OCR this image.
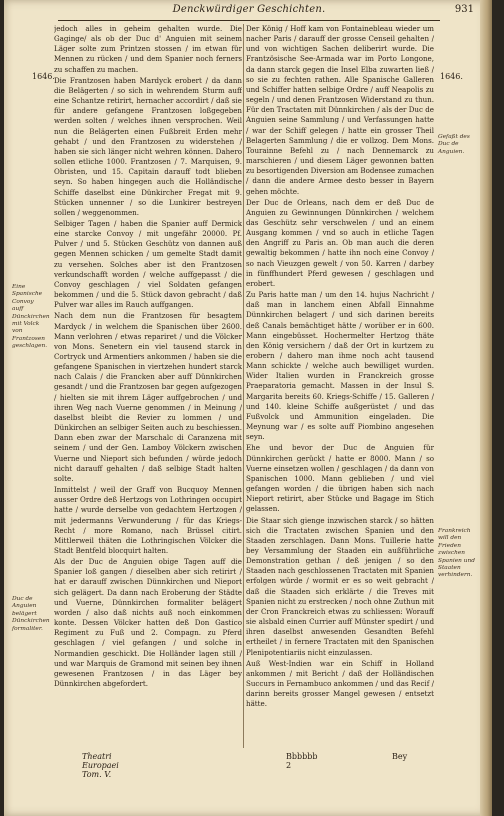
Denckwürdiger Geschichten.	931
1646.	1646.
Eine Spanische Convoy auff Dünckirchen mit Volck von Frantzosen geschlagen.
Duc de Anguien belägert Dünckirchen formaliter.
Gefaßt des Duc de Anguien.
Frankreich will den Frieden zwischen Spanien und Staaten verhindern.

jedoch alles in geheim gehalten wurde. Die Gaginge/ als ob der Duc d' Anguien mit seinem Läger solte zum Printzen stossen / im etwan für Mennen zu rücken / und dem Spanier noch ferners zu schaffen zu machen.

Die Frantzosen haben Mardyck erobert / da dann die Belägerten / so sich in wehrendem Sturm auff eine Schantze retirirt, hernacher accordirt / daß sie für andere gefangene Frantzosen loßgegeben werden solten / welches ihnen versprochen. Weil nun die Belägerten einen Fußbreit Erden mehr gehabt / und den Frantzosen zu widerstehen / haben sie sich länger nicht wehren können. Dahero sollen etliche 1000. Frantzosen / 7. Marquisen, 9. Obristen, und 15. Capitain darauff todt blieben seyn. So haben hingegen auch die Holländische Schiffe daselbst eine Dünkircher Fregat mit 9. Stücken unnenner / so die Lunkirer bestreyen sollen / weggenommen.

Selbiger Tagen / haben die Spanier auff Dermick eine starcke Convoy / mit ungefähr 20000. Pf. Pulver / und 5. Stücken Geschütz von dannen auß gegen Mennen schicken / um gemelte Stadt damit zu versehen. Solches aber ist den Frantzosen verkundschafft worden / welche auffgepasst / die Convoy geschlagen / viel Soldaten gefangen bekommen / und die 5. Stück davon gebracht / daß Pulver war alles im Rauch auffgangen.

Nach dem nun die Frantzosen für besagtem Mardyck / in welchem die Spanischen über 2600. Mann verlohren / etwas repariret / und die Völcker von Mons. Senetern ein viel tausend starck in Cortryck und Armentiers ankommen / haben sie die gefangene Spanischen in viertzehen hundert starck nach Calais / die Francken aber auff Dünnkirchen gesandt / und die Frantzosen bar gegen aufgezogen / hielten sie mit ihrem Läger auffgebrochen / und ihren Weg nach Vuerne genommen / in Meinung / daselbst bleibt die Revier zu lommen / und Dünkirchen an selbiger Seiten auch zu beschiessen. Dann eben zwar der Marschalc di Caranzena mit seinem / und der Gen. Lamboy Völckern zwischen Vuerne und Nieport sich befunden / würde jedoch nicht darauff gehalten / daß selbige Stadt halten solte.

Inmittelst / weil der Graff von Bucquoy Mennen ausser Ordre deß Hertzogs von Lothringen occupirt hatte / wurde derselbe von gedachtem Hertzogen / mit jedermanns Verwunderung / für das Kriegs-Recht / more Romano, nach Brüssel citirt. Mittlerweil thäten die Lothringischen Völcker die Stadt Bentfeld blocquirt halten.

Als der Duc de Anguien obige Tagen auff die Spanier loß gangen / dieselben aber sich retirirt / hat er darauff zwischen Dünnkirchen und Nieport sich gelägert. Da dann nach Eroberung der Städte und Vuerne, Dünnkirchen formaliter belägert worden / also daß nichts auß noch einkommen konte. Dessen Völcker hatten deß Don Gastico Regiment zu Fuß und 2. Compagn. zu Pferd geschlagen / viel gefangen / und solche in Normandien geschickt. Die Holländer lagen still / und war Marquis de Gramond mit seinen bey ihnen gewesenen Frantzosen / in das Läger bey Dünnkirchen abgefordert.

Der König / Hoff kam von Fontainebleau wieder um nacher Paris / darauff der grosse Censeil gehalten / und von wichtigen Sachen deliberirt wurde. Die Frantzösische See-Armada war im Porto Longone, da dann starck gegen die Insel Elba zuwarten ließ / so sie zu fechten rathen. Alle Spanische Galleren und Schiffer hatten selbige Ordre / auff Neapolis zu segeln / und denen Frantzosen Widerstand zu thun. Für den Tractaten mit Dünnkirchen / als der Duc de Anguien seine Sammlung / und Verfassungen hatte / war der Schiff gelegen / hatte ein grosser Theil Belagerten Sammlung / die er vollzog. Dem Mons. Tourainne Befehl zu / nach Dennemarck zu marschieren / und diesem Läger gewonnen batten zu besortigenden Diversion am Bodensee zumachen / dann die andere Armee desto besser in Bayern gehen möchte.

Der Duc de Orleans, nach dem er deß Duc de Anguien zu Gewinnungen Dünnkirchen / welchem das Geschütz sehr verschwelen / und an einem Ausgang kommen / vnd so auch in etliche Tagen den Angriff zu Paris an. Ob man auch die deren gewaltig bekommen / hatte ihn noch eine Convoy / so nach Vieuzgen gewelt / von 50. Karren / darbey in fünffhundert Pferd gewesen / geschlagen und erobert.

Zu Paris hatte man / um den 14. hujus Nachricht / daß man in lanchem einen Abfall Einnahme Dünnkirchen belagert / und sich darinen bereits deß Canals bemächtiget hätte / worüber er in 600. Mann eingebüsset. Hochermelter Hertzog thäte den König versichern / daß der Ort in kurtzem zu erobern / dahero man ihme noch acht tausend Mann schickte / welche auch bewilliget wurden. Wider Italien wurden in Franckreich grosse Praeparatoria gemacht. Massen in der Insul S. Margarita bereits 60. Kriegs-Schiffe / 15. Galleren / und 140. kleine Schiffe außgerüstet / und das Fußvolck und Ammunition eingeladen. Die Meynung war / es solte auff Piombino angesehen seyn.

Ehe und bevor der Duc de Anguien für Dünnkirchen gerückt / hatte er 8000. Mann / so Vuerne einsetzen wollen / geschlagen / da dann von Spanischen 1000. Mann geblieben / und viel gefangen worden / die übrigen haben sich nach Nieport retirirt, aber Stücke und Bagage im Stich gelassen.

Die Staar sich gienge inzwischen starck / so hätten sich die Tractaten zwischen Spanien und den Staaden zerschlagen. Dann Mons. Tuillerie hatte bey Versammlung der Staaden ein außführliche Demonstration gethan / deß jenigen / so den Staaden nach geschlossenen Tractaten mit Spanien erfolgen würde / wormit er es so weit gebracht / daß die Staaden sich erklärte / die Treves mit Spanien nicht zu erstrecken / noch ohne Zuthun mit der Cron Franckreich etwas zu schliessen: Worauff sie alsbald einen Currier auff Münster spedirt / und ihren daselbst anwesenden Gesandten Befehl ertheilet / in fernere Tractaten mit den Spanischen Plenipotentiariis nicht einzulassen.

Auß West-Indien war ein Schiff in Holland ankommen / mit Bericht / daß der Holländischen Succurs in Fernambuco ankommen / und das Recif / darinn bereits grosser Mangel gewesen / entsetzt hätte.

Theatri Europaei Tom. V.
Bbbbbb 2
Bey
